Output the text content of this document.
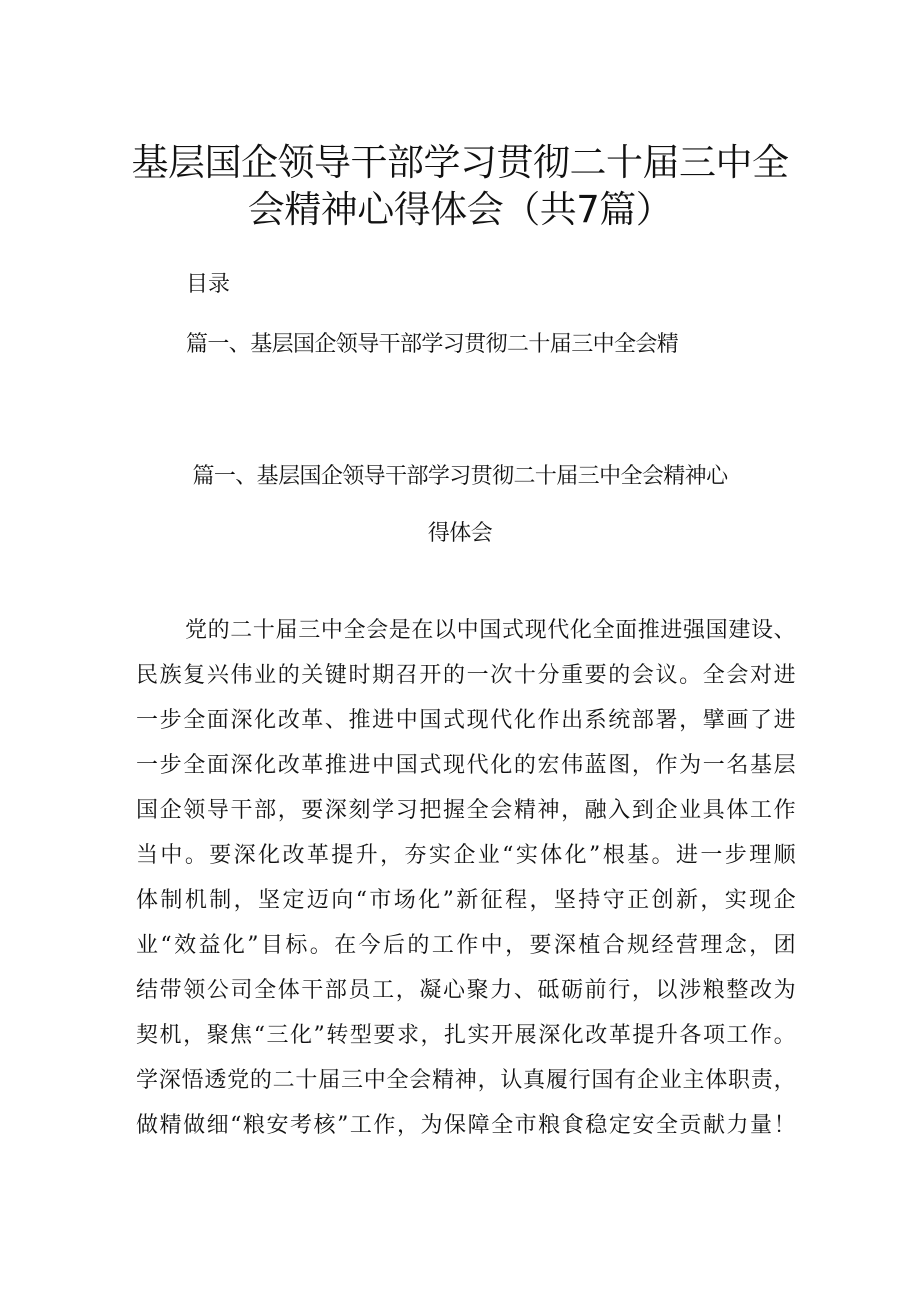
基层国企领导干部学习贯彻二十届三中全
会精神心得体会（共7篇）
目录
篇一、基层国企领导干部学习贯彻二十届三中全会精
篇一、基层国企领导干部学习贯彻二十届三中全会精神心
得体会
党的二十届三中全会是在以中国式现代化全面推进强国建设、
民族复兴伟业的关键时期召开的一次十分重要的会议。全会对进
一步全面深化改革、推进中国式现代化作出系统部署，擘画了进
一步全面深化改革推进中国式现代化的宏伟蓝图，作为一名基层
国企领导干部，要深刻学习把握全会精神，融入到企业具体工作
当中。要深化改革提升，夯实企业“实体化”根基。进一步理顺
体制机制，坚定迈向“市场化”新征程，坚持守正创新，实现企
业“效益化”目标。在今后的工作中，要深植合规经营理念，团
结带领公司全体干部员工，凝心聚力、砥砺前行，以涉粮整改为
契机，聚焦“三化”转型要求，扎实开展深化改革提升各项工作。
学深悟透党的二十届三中全会精神，认真履行国有企业主体职责，
做精做细“粮安考核”工作，为保障全市粮食稳定安全贡献力量！
